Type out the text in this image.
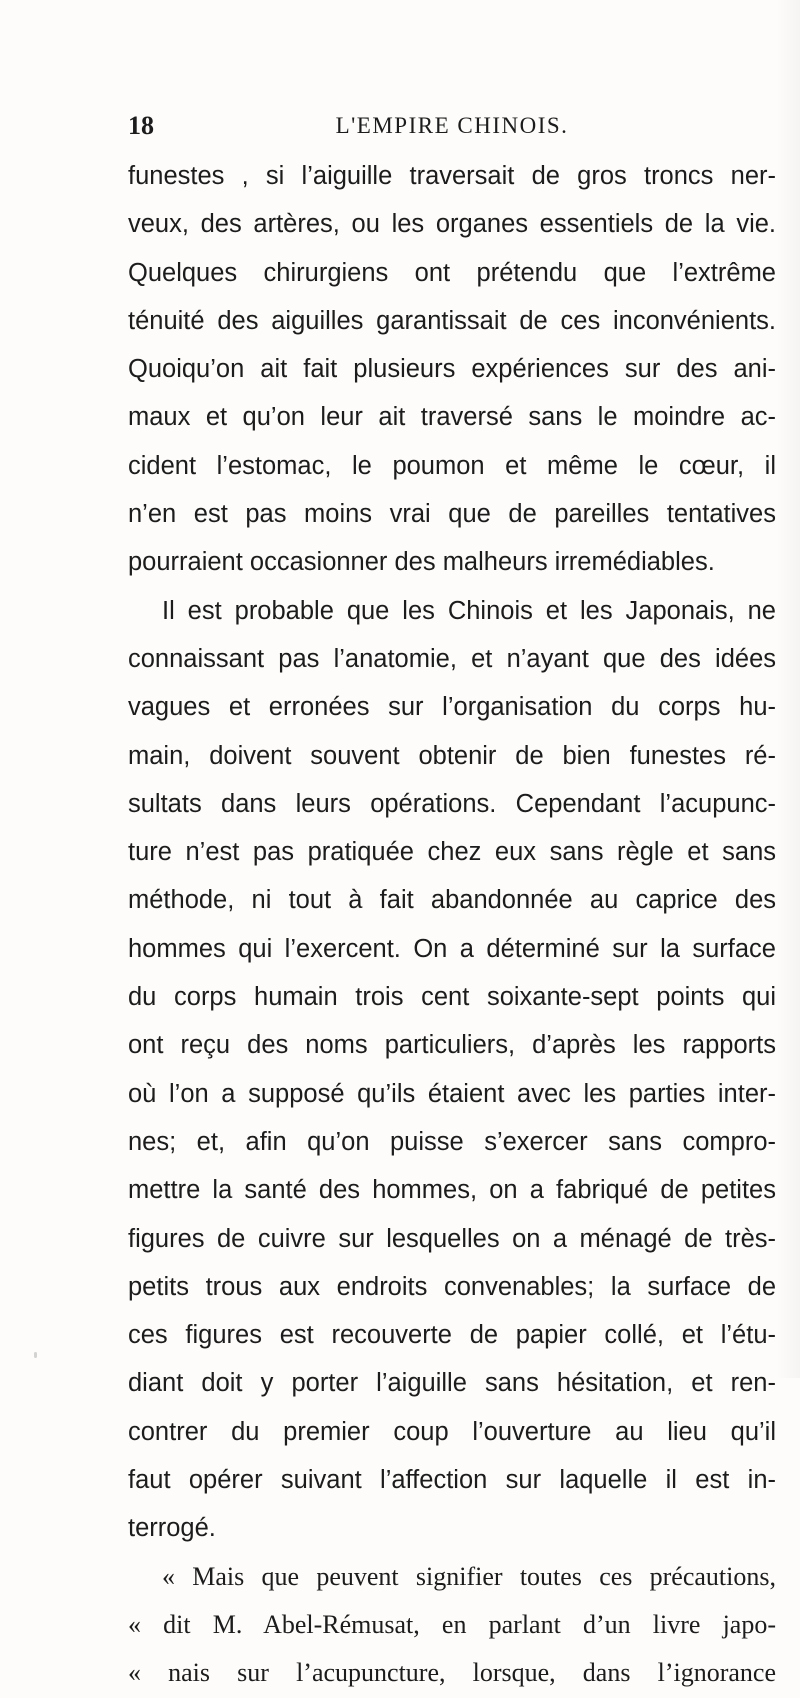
18	L'EMPIRE CHINOIS.
funestes , si l’aiguille traversait de gros troncs ner-
veux, des artères, ou les organes essentiels de la vie.
Quelques chirurgiens ont prétendu que l’extrême
ténuité des aiguilles garantissait de ces inconvénients.
Quoiqu’on ait fait plusieurs expériences sur des ani-
maux et qu’on leur ait traversé sans le moindre ac-
cident l’estomac, le poumon et même le cœur, il
n’en est pas moins vrai que de pareilles tentatives
pourraient occasionner des malheurs irremédiables.
Il est probable que les Chinois et les Japonais, ne
connaissant pas l’anatomie, et n’ayant que des idées
vagues et erronées sur l’organisation du corps hu-
main, doivent souvent obtenir de bien funestes ré-
sultats dans leurs opérations. Cependant l’acupunc-
ture n’est pas pratiquée chez eux sans règle et sans
méthode, ni tout à fait abandonnée au caprice des
hommes qui l’exercent. On a déterminé sur la surface
du corps humain trois cent soixante-sept points qui
ont reçu des noms particuliers, d’après les rapports
où l’on a supposé qu’ils étaient avec les parties inter-
nes; et, afin qu’on puisse s’exercer sans compro-
mettre la santé des hommes, on a fabriqué de petites
figures de cuivre sur lesquelles on a ménagé de très-
petits trous aux endroits convenables; la surface de
ces figures est recouverte de papier collé, et l’étu-
diant doit y porter l’aiguille sans hésitation, et ren-
contrer du premier coup l’ouverture au lieu qu’il
faut opérer suivant l’affection sur laquelle il est in-
terrogé.
« Mais que peuvent signifier toutes ces précautions,
« dit M. Abel-Rémusat, en parlant d’un livre japo-
« nais sur l’acupuncture, lorsque, dans l’ignorance
